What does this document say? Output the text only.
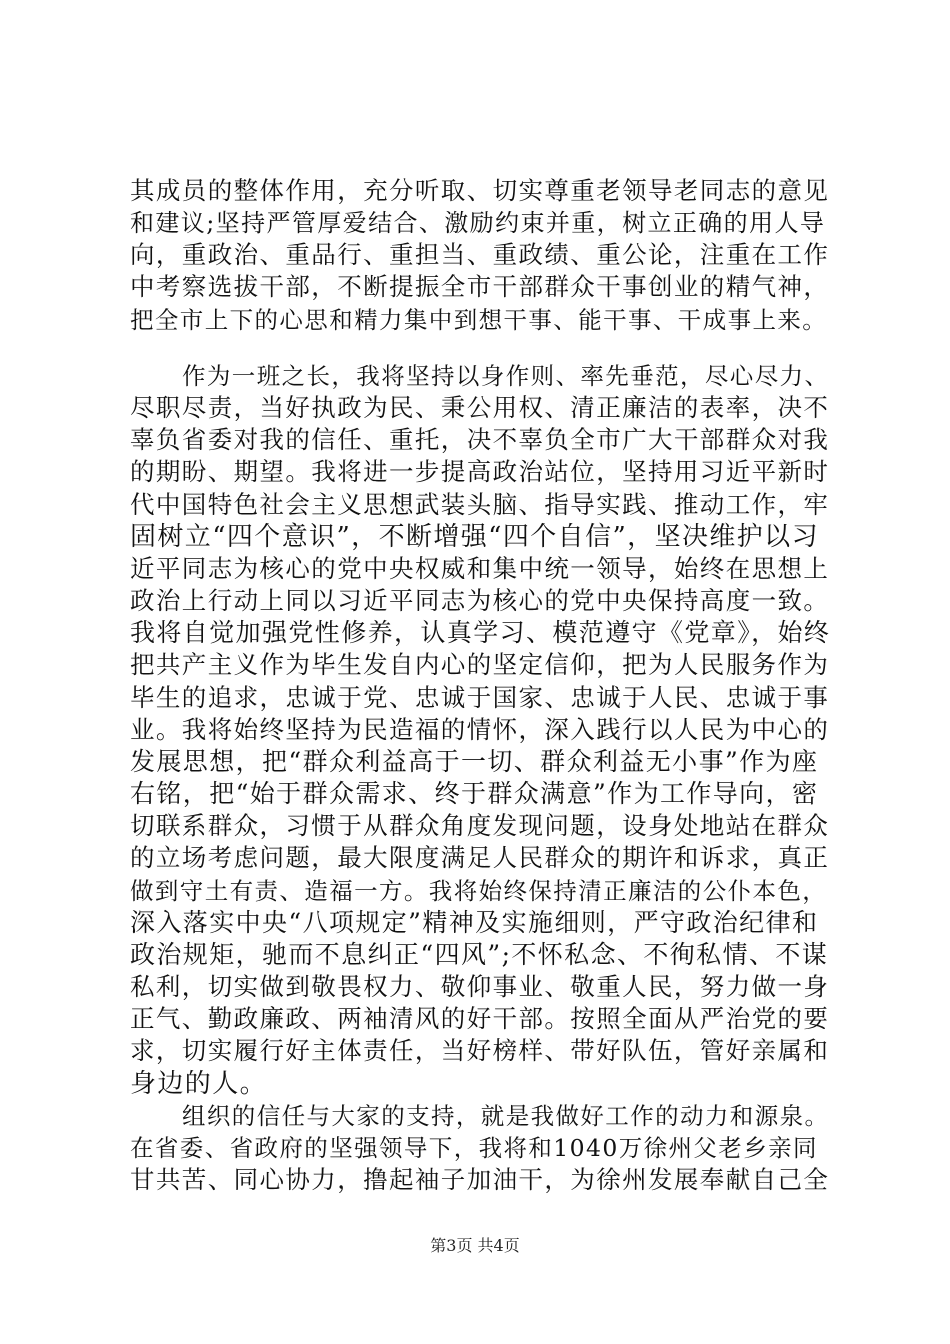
其成员的整体作用，充分听取、切实尊重老领导老同志的意见
和建议;坚持严管厚爱结合、激励约束并重，树立正确的用人导
向，重政治、重品行、重担当、重政绩、重公论，注重在工作
中考察选拔干部，不断提振全市干部群众干事创业的精气神，
把全市上下的心思和精力集中到想干事、能干事、干成事上来。
作为一班之长，我将坚持以身作则、率先垂范，尽心尽力、
尽职尽责，当好执政为民、秉公用权、清正廉洁的表率，决不
辜负省委对我的信任、重托，决不辜负全市广大干部群众对我
的期盼、期望。我将进一步提高政治站位，坚持用习近平新时
代中国特色社会主义思想武装头脑、指导实践、推动工作，牢
固树立“四个意识”，不断增强“四个自信”，坚决维护以习
近平同志为核心的党中央权威和集中统一领导，始终在思想上
政治上行动上同以习近平同志为核心的党中央保持高度一致。
我将自觉加强党性修养，认真学习、模范遵守《党章》，始终
把共产主义作为毕生发自内心的坚定信仰，把为人民服务作为
毕生的追求，忠诚于党、忠诚于国家、忠诚于人民、忠诚于事
业。我将始终坚持为民造福的情怀，深入践行以人民为中心的
发展思想，把“群众利益高于一切、群众利益无小事”作为座
右铭，把“始于群众需求、终于群众满意”作为工作导向，密
切联系群众，习惯于从群众角度发现问题，设身处地站在群众
的立场考虑问题，最大限度满足人民群众的期许和诉求，真正
做到守土有责、造福一方。我将始终保持清正廉洁的公仆本色，
深入落实中央“八项规定”精神及实施细则，严守政治纪律和
政治规矩，驰而不息纠正“四风”;不怀私念、不徇私情、不谋
私利，切实做到敬畏权力、敬仰事业、敬重人民，努力做一身
正气、勤政廉政、两袖清风的好干部。按照全面从严治党的要
求，切实履行好主体责任，当好榜样、带好队伍，管好亲属和
身边的人。
组织的信任与大家的支持，就是我做好工作的动力和源泉。
在省委、省政府的坚强领导下，我将和1040万徐州父老乡亲同
甘共苦、同心协力，撸起袖子加油干，为徐州发展奉献自己全
第3页 共4页
